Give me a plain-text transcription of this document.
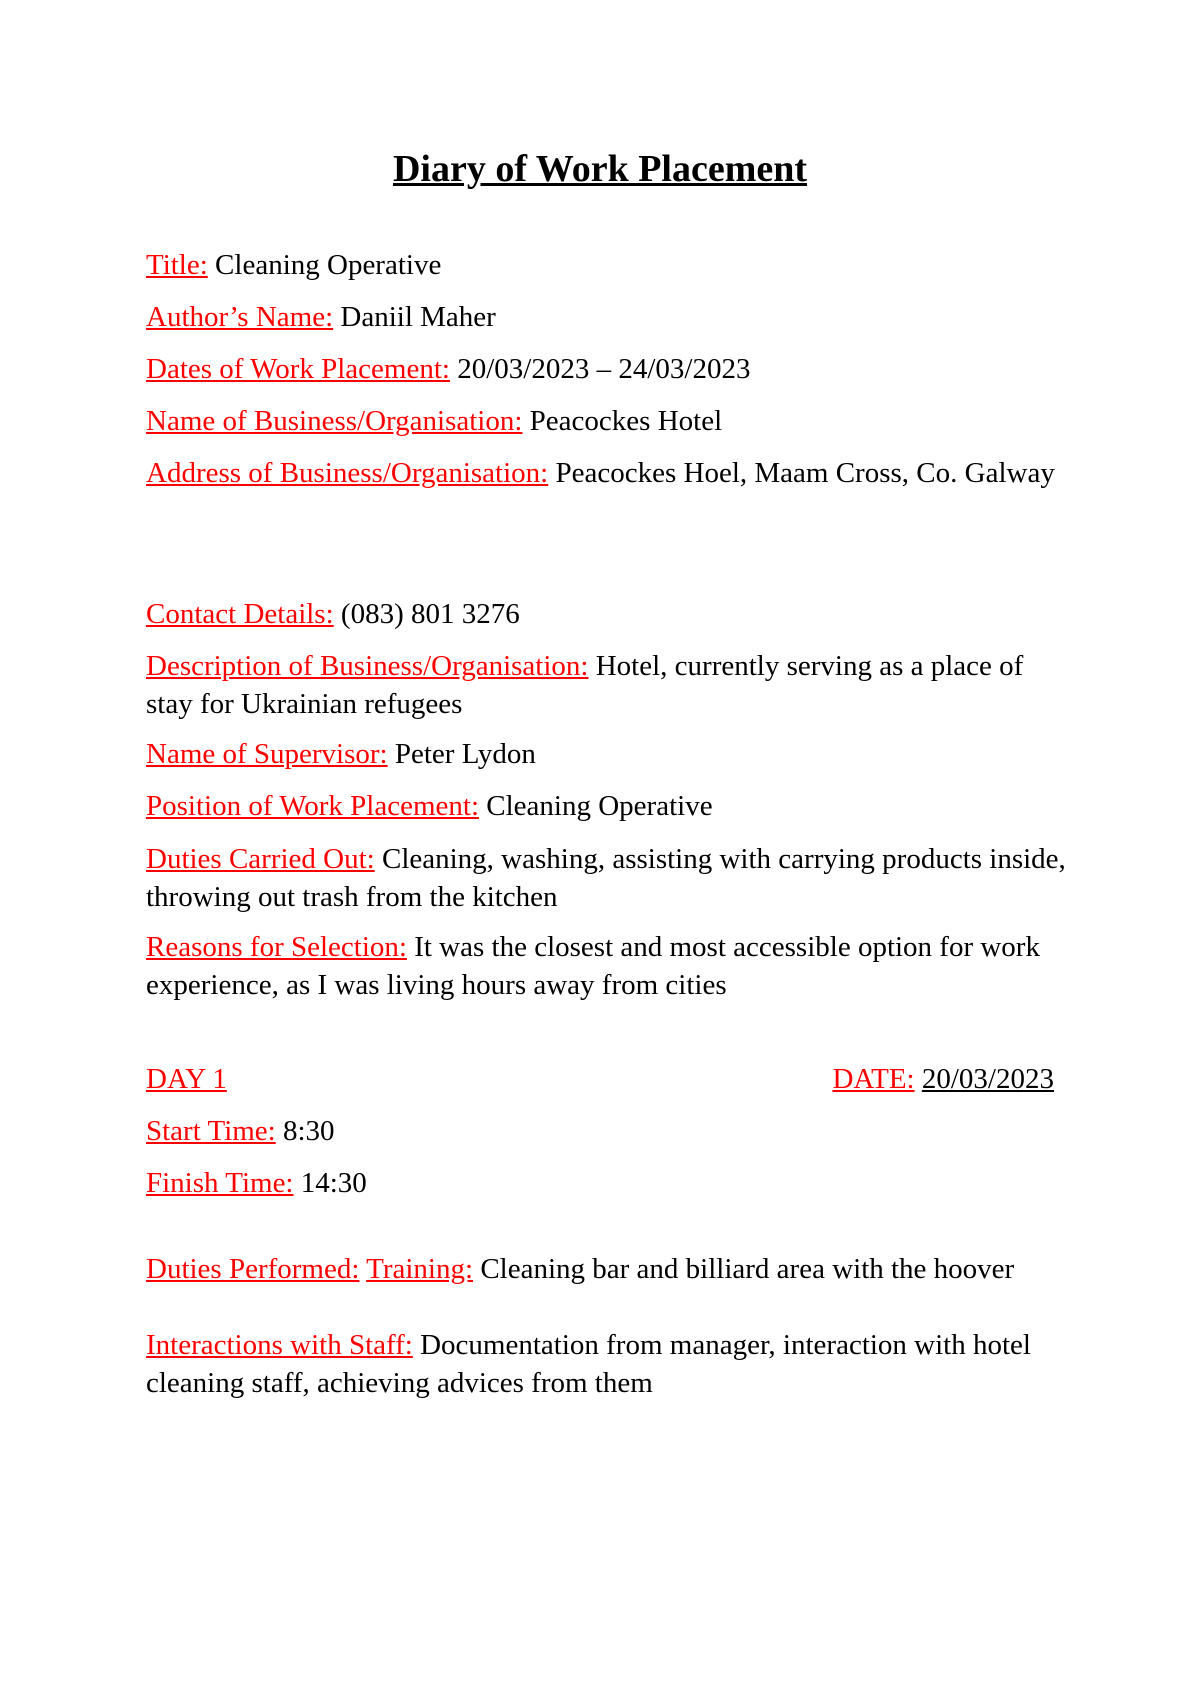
Diary of Work Placement

Title: Cleaning Operative

Author’s Name: Daniil Maher

Dates of Work Placement: 20/03/2023 – 24/03/2023

Name of Business/Organisation: Peacockes Hotel

Address of Business/Organisation: Peacockes Hoel, Maam Cross, Co. Galway

Contact Details: (083) 801 3276

Description of Business/Organisation: Hotel, currently serving as a place of stay for Ukrainian refugees

Name of Supervisor: Peter Lydon

Position of Work Placement: Cleaning Operative

Duties Carried Out: Cleaning, washing, assisting with carrying products inside, throwing out trash from the kitchen

Reasons for Selection: It was the closest and most accessible option for work experience, as I was living hours away from cities

DAY 1	DATE: 20/03/2023

Start Time: 8:30

Finish Time: 14:30

Duties Performed: Training: Cleaning bar and billiard area with the hoover

Interactions with Staff: Documentation from manager, interaction with hotel cleaning staff, achieving advices from them
